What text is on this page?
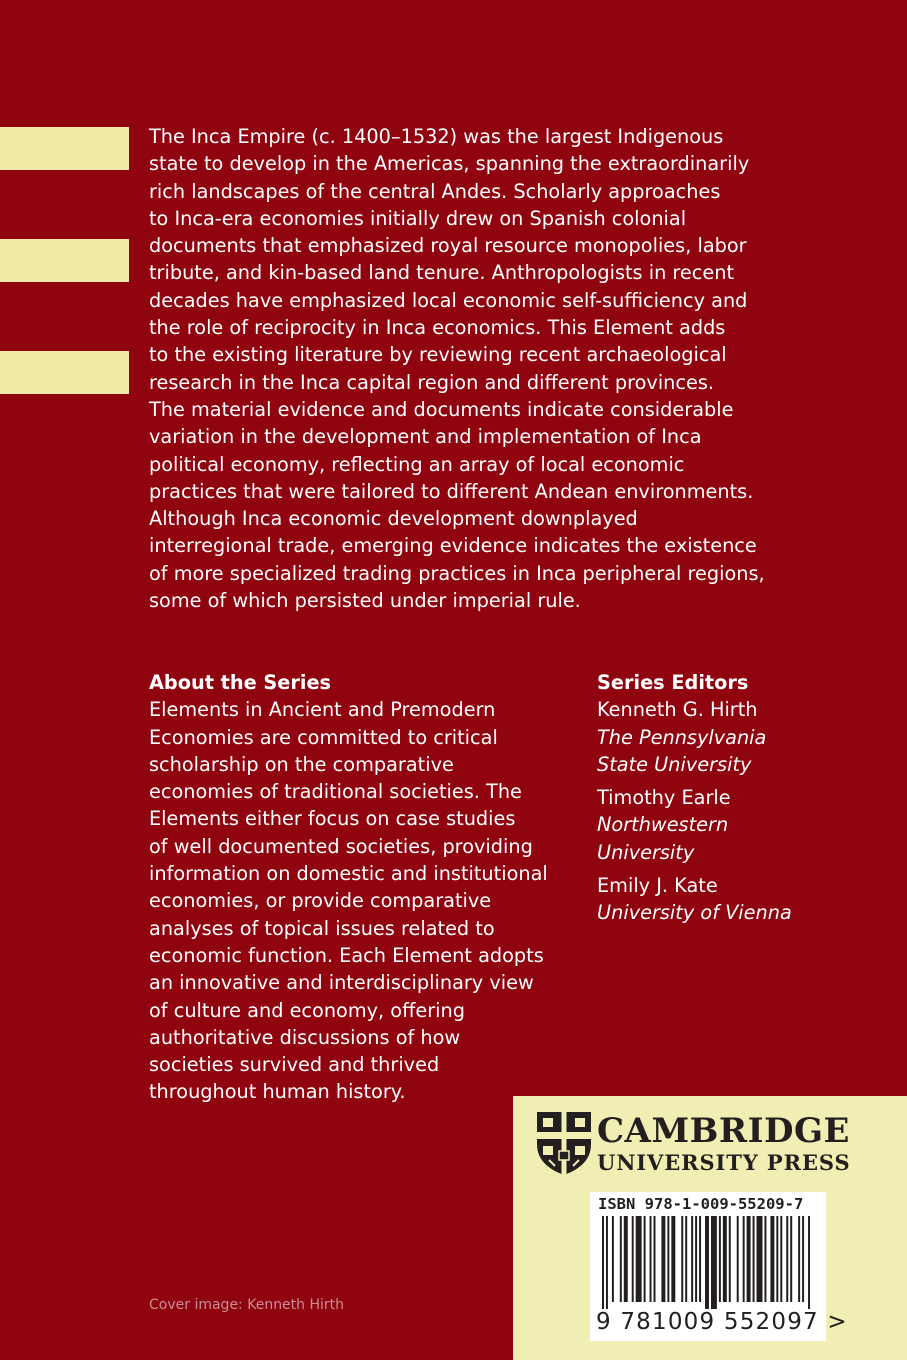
The Inca Empire (c. 1400–1532) was the largest Indigenous
state to develop in the Americas, spanning the extraordinarily
rich landscapes of the central Andes. Scholarly approaches
to Inca-era economies initially drew on Spanish colonial
documents that emphasized royal resource monopolies, labor
tribute, and kin-based land tenure. Anthropologists in recent
decades have emphasized local economic self-sufficiency and
the role of reciprocity in Inca economics. This Element adds
to the existing literature by reviewing recent archaeological
research in the Inca capital region and different provinces.
The material evidence and documents indicate considerable
variation in the development and implementation of Inca
political economy, reflecting an array of local economic
practices that were tailored to different Andean environments.
Although Inca economic development downplayed
interregional trade, emerging evidence indicates the existence
of more specialized trading practices in Inca peripheral regions,
some of which persisted under imperial rule.
About the Series
Elements in Ancient and Premodern
Economies are committed to critical
scholarship on the comparative
economies of traditional societies. The
Elements either focus on case studies
of well documented societies, providing
information on domestic and institutional
economies, or provide comparative
analyses of topical issues related to
economic function. Each Element adopts
an innovative and interdisciplinary view
of culture and economy, offering
authoritative discussions of how
societies survived and thrived
throughout human history.
Series Editors
Kenneth G. Hirth
The Pennsylvania
State University
Timothy Earle
Northwestern
University
Emily J. Kate
University of Vienna
Cover image: Kenneth Hirth
CAMBRIDGE
UNIVERSITY PRESS
ISBN 978-1-009-55209-7
9 781009 552097 >
